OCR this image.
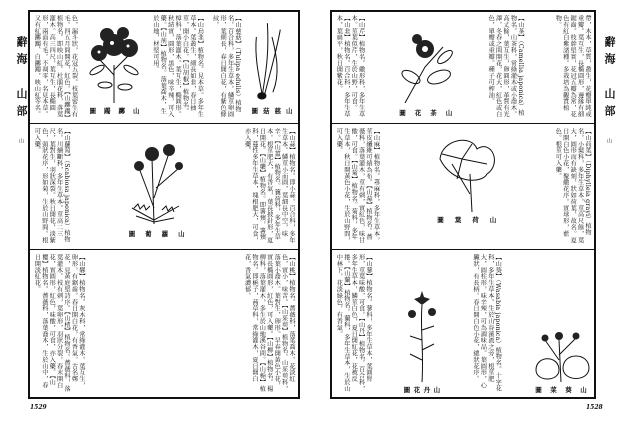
辭海 山部 山
山
慈
菇
圖
【山慈菇】（Tulipa edulis）植物名。百合科，多年生草本。鱗莖卵圓形，葉細長，春日開白花，有紫色條紋。
【山烏韭】植物名。見本草。多年生草本。葉叢生，細長如韭，春日抽莖，開小白花。【山胡椒】植物名。樟科，落葉灌木。葉互生，橢圓形。秋結實，圓形，黑色，味辛辣，可入藥。【山荊】植物名。落葉喬木，生於山地，材堅可用。
山
躑
躅
圖
色，漏斗狀，花冠五裂。枝葉密生有毛。四五月間開花，紅色。【山躑躅】植物名。即映山紅。杜鵑花科，落葉灌木。高三四尺，葉互生，長橢圓形，兩面有毛。不凋零，名見本草。又有紅躑躅、白躑躅，映山紅等名。
【山蒜】植物名。即小蒜。百合科，多年生草本。鱗莖小而圓，葉細長中空，味辛。【山薑】植物名。蘘荷科，多年生草本。根莖肥大，有香氣，葉長披針形，夏日開花。【山藥】植物名。即薯蕷，薯蕷科，蔓性多年生草本，塊根肥大，可食，亦入藥。
山
蘿
蔔
圖
【山蘿蔔】（Scabiosa japonica）植物名。川續斷科，多年生草本。莖高二三尺，葉對生，羽狀深裂。秋日開花，淡紫色，頭狀花序，形如菊，生於山野間。根可入藥。
【山桃】植物名。薔薇科，落葉喬木。花淡紅色，實小，味苦。【山茱萸】植物名。山茱萸科，落葉小喬木。葉對生，卵形。早春開黃色小花，實長橢圓形，紅色，可入藥。【山柳】植物名。楊柳科，落葉灌木，多生於山地溪谷間。【山梔】植物名。即梔子，茜草科，常綠灌木，夏日開白花，香氣濃郁。
【山礬】植物名。灰木科，常綠灌木。葉互生，卵形，有鋸齒。春日開白花，有香氣。古名鄭花，見黃庭堅詩序。【山楂】植物名。薔薇科，落葉灌木。枝有刺，葉卵形，羽狀分裂。春末開白花，實圓形，紅色，味酸，可食，亦入藥。【山櫻】植物名。薔薇科，落葉喬木，生於山中，春日開淡紅花。
1529
帶，木本，草質，叢生，花瓣單純或重瓣。葉互生，長橢圓形，邊緣有細鋸齒。枝幹堅實，花冠五瓣為常，花色有紅白紫諸種。多栽培為觀賞植物。
【山茶】（Camellia japonica）植物名。山茶科，常綠灌木或小喬木。高丈餘，葉互生，卵圓形，革質有光澤。冬春之間開花，花大，紅色或白色，單瓣或重瓣。種子可榨油。
山
茶
花
圖
【山芹】植物名。繖形科，多年生草本。莖葉似芹，生於山野，可食。【山韭】植物名。百合科，多年生草本，葉扁平，秋日開紫花。
【山荷葉】（Diphylleia grayi）植物名。小檗科，多年生草本。莖高尺餘，葉大，圓形而有缺刻，狀如荷葉，故名。夏日開白色小花，聚繖花序。實球形，藍色。根莖可入藥。
山
荷
葉
圖
【山麻】植物名。蕁麻科，多年生草本，莖皮纖維可績為布。【山莓】植物名。薔薇科，落葉灌木，莖有刺，實紅色，味甘酸，可食。【山菊】植物名。菊科，多年生草本，秋日開黃色小花，生於山野間，可入藥。
山
葵
菜
圖
【山葵】（Wasabia japonica）植物名。十字花科，多年生草本。生於山谷溪流之旁，根莖肥大，圓柱形，味辛辣，可為調味品。葉圓形，心臟狀，有長柄。春日開白色小花，總狀花序。
山
丹
花
圖
【山蓼】植物名。蓼科，多年生草本，葉圓腎形，莖葉味酸，可食。【山丹】植物名。百合科，多年生草本，鱗莖白色，夏日開紅花，花被反捲。【山蘭】植物名。蘭科，多年生草本，生於山中林下，花淡綠色，有香氣。
1528
辭海 山部 山
